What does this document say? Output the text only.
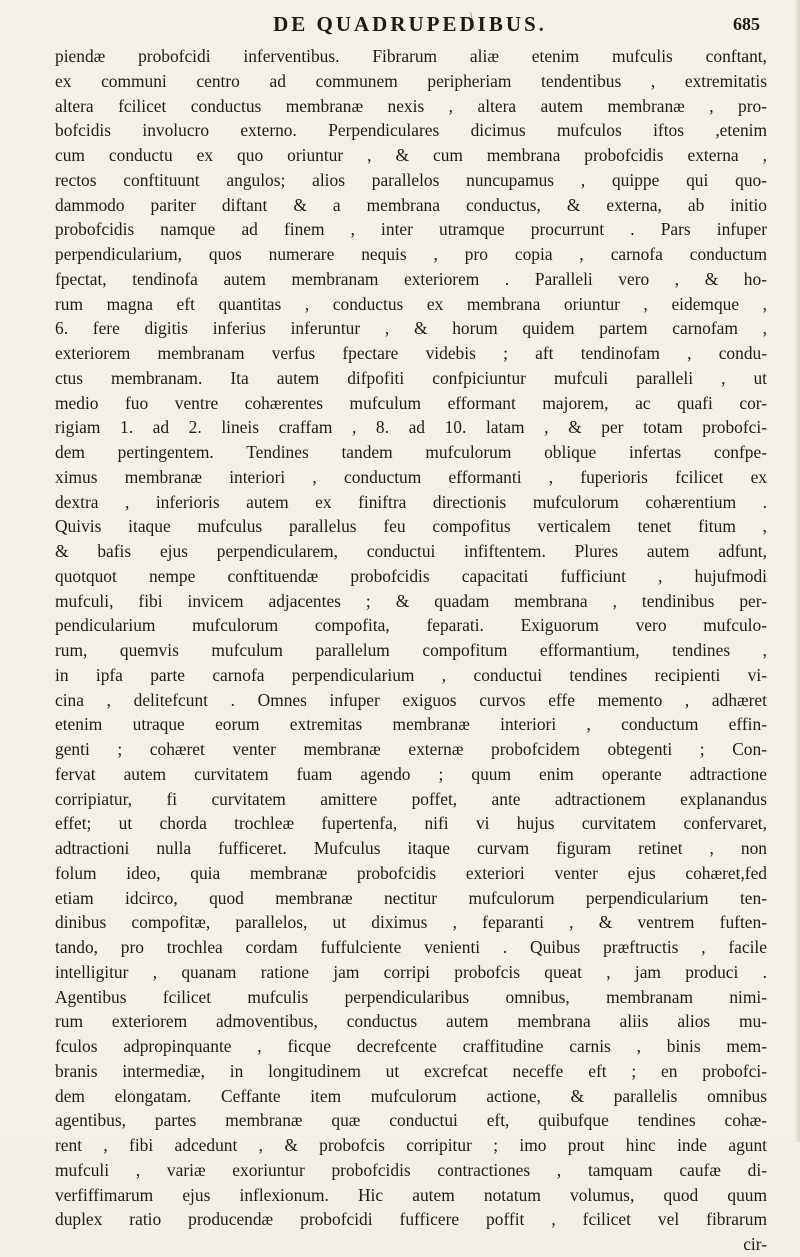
DE QUADRUPEDIBUS.	685
piendæ probofcidi inferventibus. Fibrarum aliæ etenim mufculis conftant,
ex communi centro ad communem peripheriam tendentibus , extremitatis
altera fcilicet conductus membranæ nexis , altera autem membranæ , pro-
bofcidis involucro externo. Perpendiculares dicimus mufculos iftos ,etenim
cum conductu ex quo oriuntur , & cum membrana probofcidis externa ,
rectos conftituunt angulos; alios parallelos nuncupamus , quippe qui quo-
dammodo pariter diftant & a membrana conductus, & externa, ab initio
probofcidis namque ad finem , inter utramque procurrunt . Pars infuper
perpendicularium, quos numerare nequis , pro copia , carnofa conductum
fpectat, tendinofa autem membranam exteriorem . Paralleli vero , & ho-
rum magna eft quantitas , conductus ex membrana oriuntur , eidemque ,
6. fere digitis inferius inferuntur , & horum quidem partem carnofam ,
exteriorem membranam verfus fpectare videbis ; aft tendinofam , condu-
ctus membranam. Ita autem difpofiti confpiciuntur mufculi paralleli , ut
medio fuo ventre cohærentes mufculum efformant majorem, ac quafi cor-
rigiam 1. ad 2. lineis craffam , 8. ad 10. latam , & per totam probofci-
dem pertingentem. Tendines tandem mufculorum oblique infertas confpe-
ximus membranæ interiori , conductum efformanti , fuperioris fcilicet ex
dextra , inferioris autem ex finiftra directionis mufculorum cohærentium .
Quivis itaque mufculus parallelus feu compofitus verticalem tenet fitum ,
& bafis ejus perpendicularem, conductui infiftentem. Plures autem adfunt,
quotquot nempe conftituendæ probofcidis capacitati fufficiunt , hujufmodi
mufculi, fibi invicem adjacentes ; & quadam membrana , tendinibus per-
pendicularium mufculorum compofita, feparati. Exiguorum vero mufculo-
rum, quemvis mufculum parallelum compofitum efformantium, tendines ,
in ipfa parte carnofa perpendicularium , conductui tendines recipienti vi-
cina , delitefcunt . Omnes infuper exiguos curvos effe memento , adhæret
etenim utraque eorum extremitas membranæ interiori , conductum effin-
genti ; cohæret venter membranæ externæ probofcidem obtegenti ; Con-
fervat autem curvitatem fuam agendo ; quum enim operante adtractione
corripiatur, fi curvitatem amittere poffet, ante adtractionem explanandus
effet; ut chorda trochleæ fupertenfa, nifi vi hujus curvitatem confervaret,
adtractioni nulla fufficeret. Mufculus itaque curvam figuram retinet , non
folum ideo, quia membranæ probofcidis exteriori venter ejus cohæret,fed
etiam idcirco, quod membranæ nectitur mufculorum perpendicularium ten-
dinibus compofitæ, parallelos, ut diximus , feparanti , & ventrem fuften-
tando, pro trochlea cordam fuffulciente venienti . Quibus præftructis , facile
intelligitur , quanam ratione jam corripi probofcis queat , jam produci .
Agentibus fcilicet mufculis perpendicularibus omnibus, membranam nimi-
rum exteriorem admoventibus, conductus autem membrana aliis alios mu-
fculos adpropinquante , ficque decrefcente craffitudine carnis , binis mem-
branis intermediæ, in longitudinem ut excrefcat neceffe eft ; en probofci-
dem elongatam. Ceffante item mufculorum actione, & parallelis omnibus
agentibus, partes membranæ quæ conductui eft, quibufque tendines cohæ-
rent , fibi adcedunt , & probofcis corripitur ; imo prout hinc inde agunt
mufculi , variæ exoriuntur probofcidis contractiones , tamquam caufæ di-
verfiffimarum ejus inflexionum. Hic autem notatum volumus, quod quum
duplex ratio producendæ probofcidi fufficere poffit , fcilicet vel fibrarum
cir-
